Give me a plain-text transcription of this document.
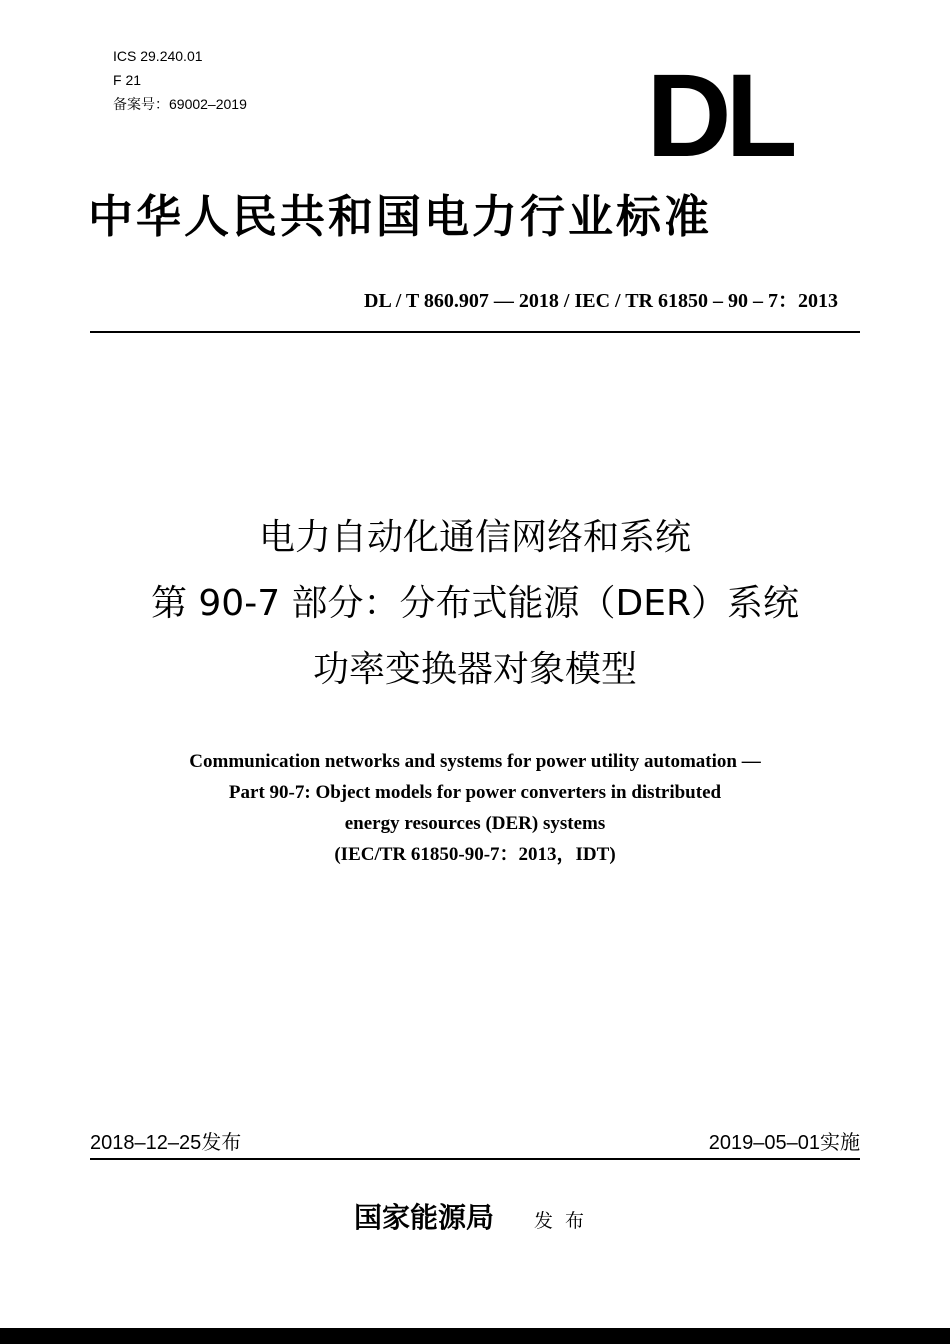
ICS 29.240.01
F 21
备案号：69002–2019	DL
中华人民共和国电力行业标准
DL / T 860.907 — 2018 / IEC / TR 61850 – 90 – 7：2013
电力自动化通信网络和系统
第 90-7 部分：分布式能源（DER）系统
功率变换器对象模型
Communication networks and systems for power utility automation —
Part 90-7: Object models for power converters in distributed
energy resources (DER) systems
(IEC/TR 61850-90-7：2013，IDT)
2018–12–25发布	2019–05–01实施
国家能源局 发布
